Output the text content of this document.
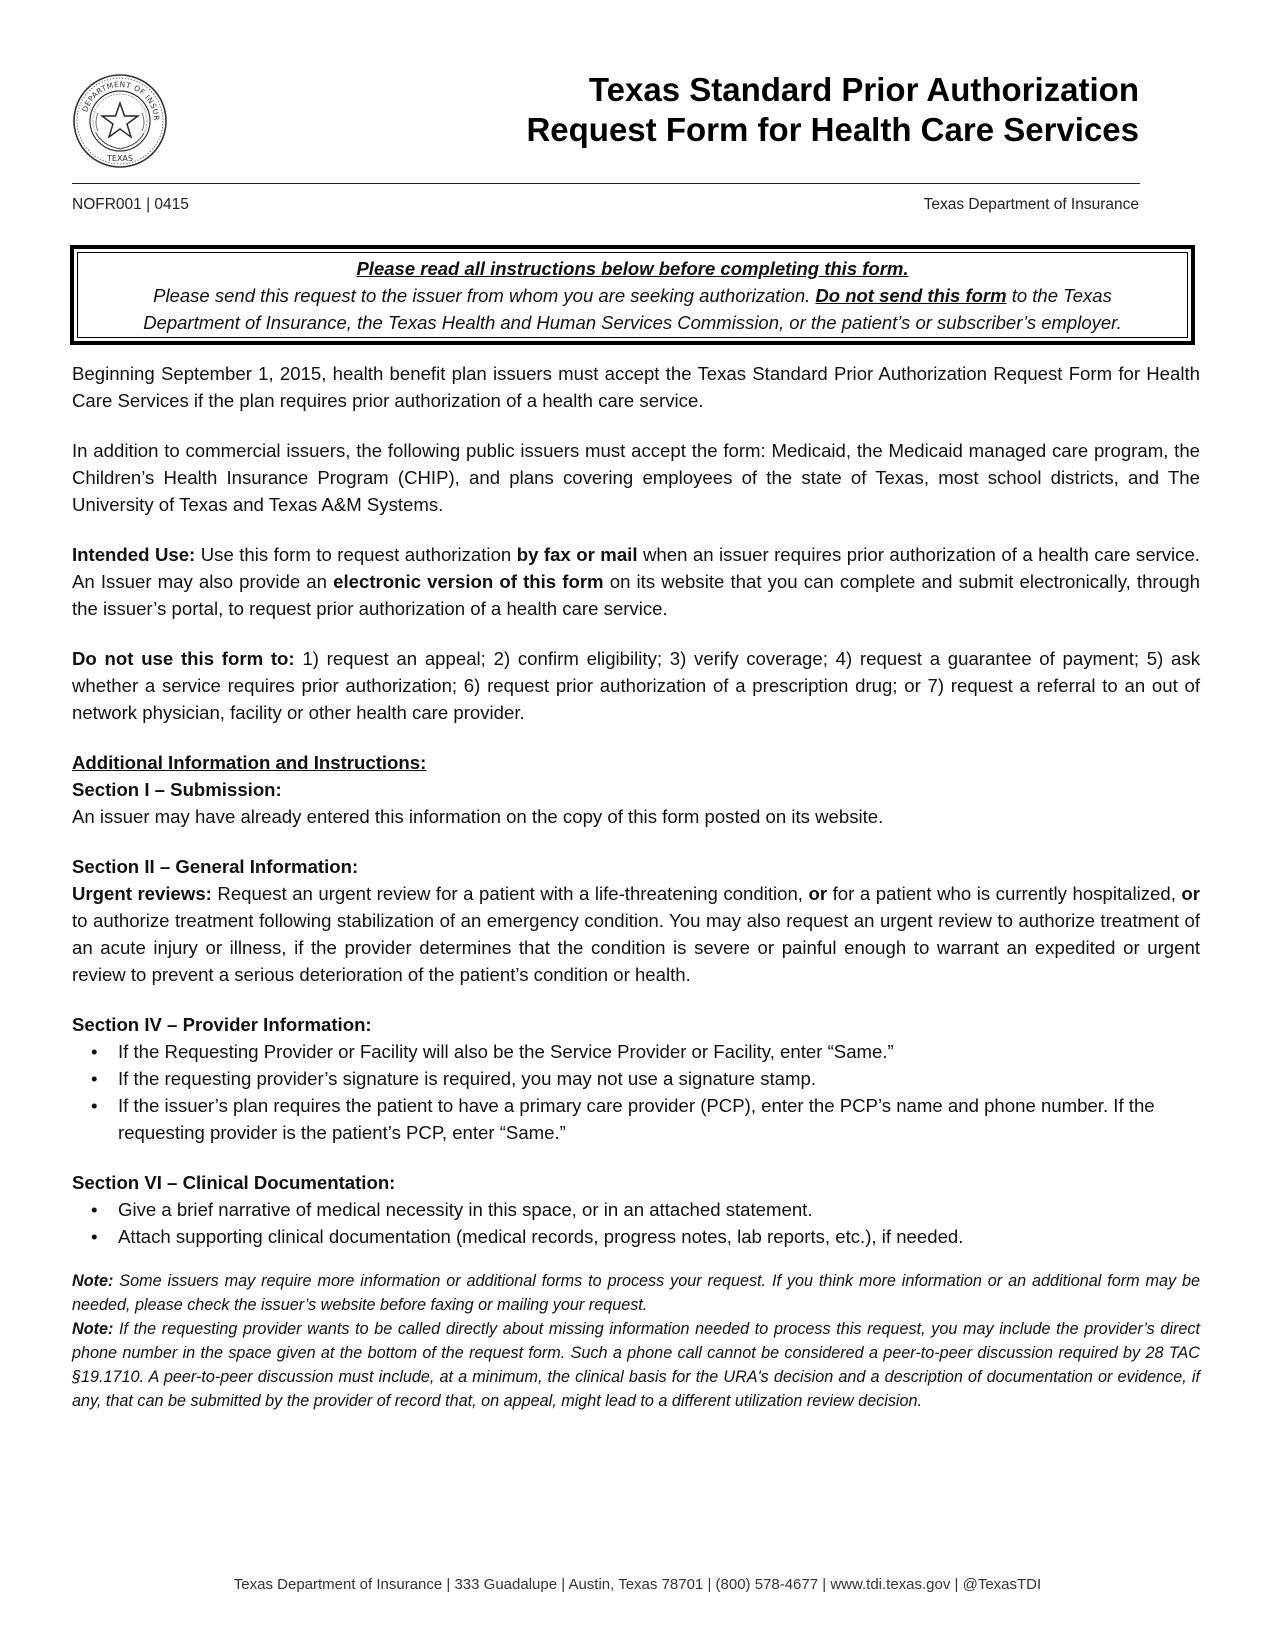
DEPARTMENT OF INSUR
TEXAS
Texas Standard Prior Authorization
Request Form for Health Care Services
NOFR001 | 0415	Texas Department of Insurance
Please read all instructions below before completing this form.
Please send this request to the issuer from whom you are seeking authorization. Do not send this form to the Texas
Department of Insurance, the Texas Health and Human Services Commission, or the patient’s or subscriber’s employer.

Beginning September 1, 2015, health benefit plan issuers must accept the Texas Standard Prior Authorization Request Form for Health Care Services if the plan requires prior authorization of a health care service.

In addition to commercial issuers, the following public issuers must accept the form: Medicaid, the Medicaid managed care program, the Children’s Health Insurance Program (CHIP), and plans covering employees of the state of Texas, most school districts, and The University of Texas and Texas A&M Systems.

Intended Use: Use this form to request authorization by fax or mail when an issuer requires prior authorization of a health care service. An Issuer may also provide an electronic version of this form on its website that you can complete and submit electronically, through the issuer’s portal, to request prior authorization of a health care service.

Do not use this form to: 1) request an appeal; 2) confirm eligibility; 3) verify coverage; 4) request a guarantee of payment; 5) ask whether a service requires prior authorization; 6) request prior authorization of a prescription drug; or 7) request a referral to an out of network physician, facility or other health care provider.

Additional Information and Instructions:
Section I – Submission:

An issuer may have already entered this information on the copy of this form posted on its website.

Section II – General Information:

Urgent reviews: Request an urgent review for a patient with a life-threatening condition, or for a patient who is currently hospitalized, or to authorize treatment following stabilization of an emergency condition. You may also request an urgent review to authorize treatment of an acute injury or illness, if the provider determines that the condition is severe or painful enough to warrant an expedited or urgent review to prevent a serious deterioration of the patient’s condition or health.

Section IV – Provider Information:
• If the Requesting Provider or Facility will also be the Service Provider or Facility, enter “Same.”
• If the requesting provider’s signature is required, you may not use a signature stamp.
• If the issuer’s plan requires the patient to have a primary care provider (PCP), enter the PCP’s name and phone number. If the requesting provider is the patient’s PCP, enter “Same.”
Section VI – Clinical Documentation:
• Give a brief narrative of medical necessity in this space, or in an attached statement.
• Attach supporting clinical documentation (medical records, progress notes, lab reports, etc.), if needed.
Note: Some issuers may require more information or additional forms to process your request. If you think more information or an additional form may be needed, please check the issuer’s website before faxing or mailing your request.
Note: If the requesting provider wants to be called directly about missing information needed to process this request, you may include the provider’s direct phone number in the space given at the bottom of the request form. Such a phone call cannot be considered a peer-to-peer discussion required by 28 TAC §19.1710. A peer-to-peer discussion must include, at a minimum, the clinical basis for the URA's decision and a description of documentation or evidence, if any, that can be submitted by the provider of record that, on appeal, might lead to a different utilization review decision.
Texas Department of Insurance | 333 Guadalupe | Austin, Texas 78701 | (800) 578-4677 | www.tdi.texas.gov | @TexasTDI
